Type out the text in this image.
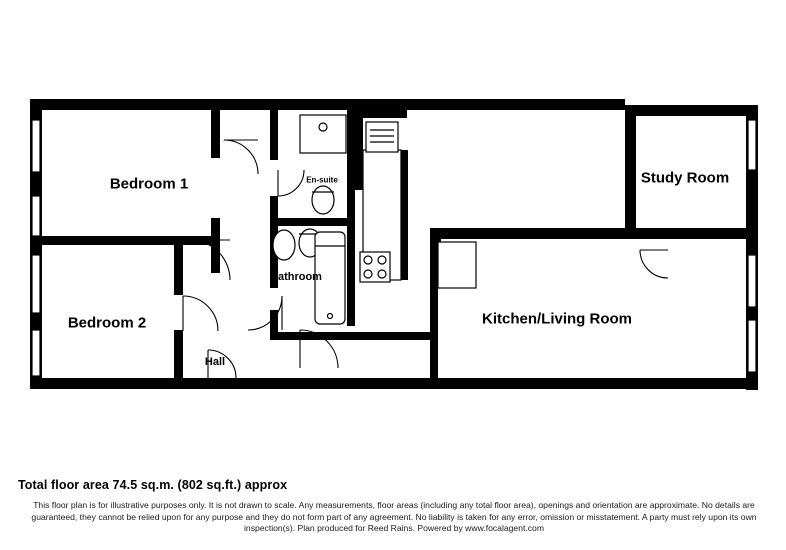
Bedroom 1
Bedroom 2
Study Room
Kitchen/Living Room
Bathroom
En-suite
Hall
Total floor area 74.5 sq.m. (802 sq.ft.) approx
This floor plan is for illustrative purposes only. It is not drawn to scale. Any measurements, floor areas (including any total floor area), openings and orientation are approximate. No details are guaranteed, they cannot be relied upon for any purpose and they do not form part of any agreement. No liability is taken for any error, omission or misstatement. A party must rely upon its own inspection(s). Plan produced for Reed Rains. Powered by www.focalagent.com
